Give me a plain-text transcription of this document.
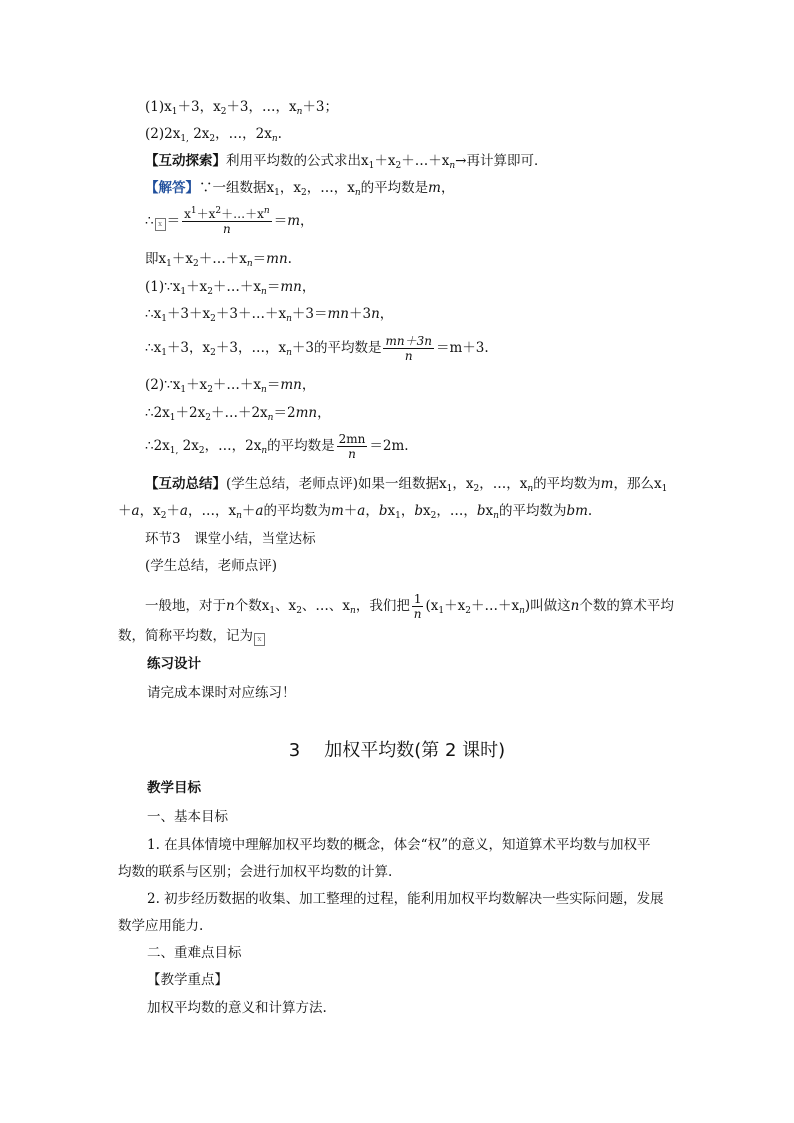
$(1)x_1+3$，$x_2+3$，…，$x_n+3$；
$(2)2x_{1,}$ $2x_2$，…，$2x_n$.
【互动探索】利用平均数的公式求出$x_1+x_2+\dots+x_n\to$再计算即可．
【解答】∵一组数据$x_1$，$x_2$，…，$x_n$的平均数是m，
∴ $x = \frac{x^1+x^2+\dots+x^n}{n} =m$，
即$x_1+x_2+\dots+x_n=mn$.
$(1)\because x_1+x_2+\dots+x_n=mn$，
$\therefore x_1+3+x_2+3+\dots+x_n+3=mn+3n$，
$\therefore x_1+3$，$x_2+3$，…，$x_n+3$的平均数是 $\frac{mn+3n}{n} =m+3$.
$(2)\because x_1+x_2+\dots+x_n=mn$，
$\therefore 2x_1+2x_2+\dots+2x_n=2mn$，
$\therefore 2x_{1,}$ $2x_2$，…，$2x_n$的平均数是 $\frac{2mn}{n} =2m$.
【互动总结】(学生总结，老师点评)如果一组数据$x_1$，$x_2$，…，$x_n$的平均数为m，那么$x_1$
＋a，$x_2+a$，…，$x_n+a$的平均数为m＋a，$bx_1$，$bx_2$，…，$bx_n$的平均数为bm.
环节3　课堂小结，当堂达标
(学生总结，老师点评)
一般地，对于n个数$x_1$、$x_2$、…、$x_n$，我们把 $\frac{1}{n}$ $(x_1+x_2+\dots+x_n)$叫做这n个数的算术平均
数，简称平均数，记为 x
练习设计
请完成本课时对应练习！
3 加权平均数(第 2 课时)
教学目标
一、基本目标
1. 在具体情境中理解加权平均数的概念，体会“权”的意义，知道算术平均数与加权平
均数的联系与区别；会进行加权平均数的计算.
2. 初步经历数据的收集、加工整理的过程，能利用加权平均数解决一些实际问题，发展
数学应用能力.
二、重难点目标
【教学重点】
加权平均数的意义和计算方法.
